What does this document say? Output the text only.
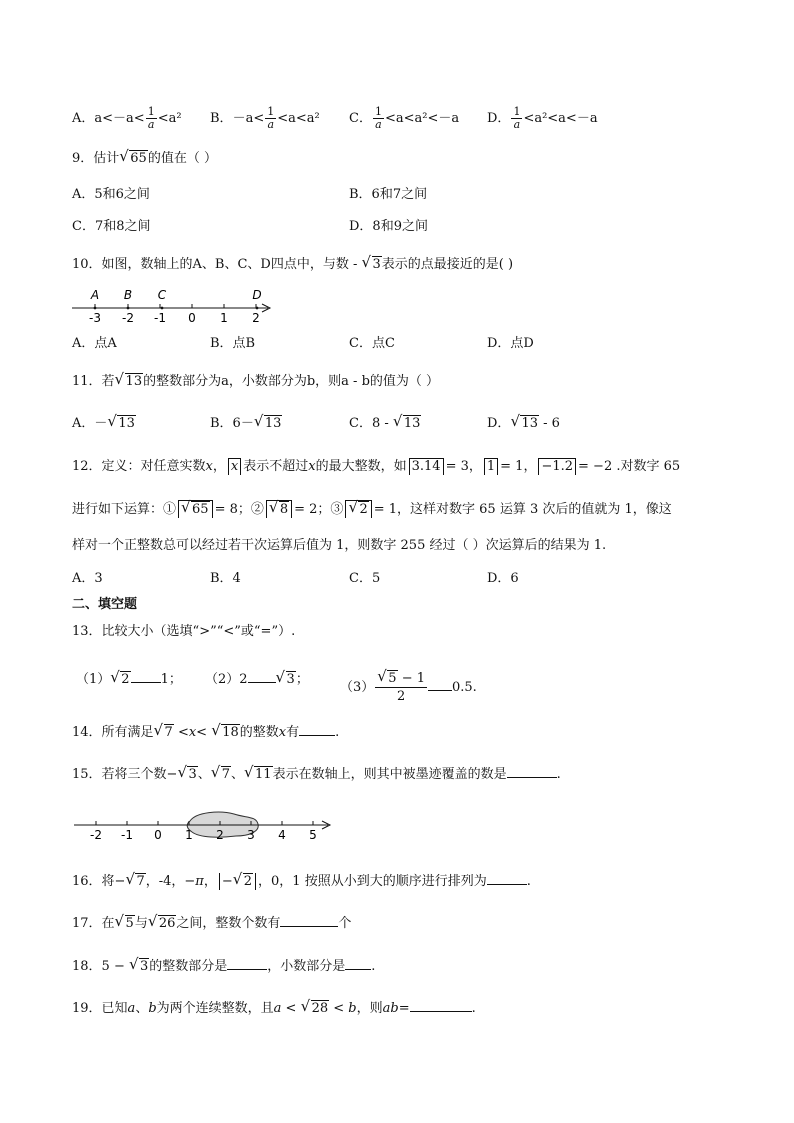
A．$a<-a< \frac{1}{a} <a^2$ B．$-a< \frac{1}{a} <a<a^2$ C． $\frac{1}{a} <a<a^2<-a$ D． $\frac{1}{a} <a^2<a<-a$
9．估计 √ 65的值在（ ）
A．5和6之间	B．6和7之间
C．7和8之间	D．8和9之间
10．如图，数轴上的A、B、C、D四点中，与数 - √ 3表示的点最接近的是( )
-3 -2 -1 0 1 2
A B C	D
A．点A	B．点B	C．点C	D．点D
11．若 √ 13的整数部分为a，小数部分为b，则a - b的值为（ ）
A．－ √ 13	B．6－ √ 13	C．8 - √ 13	D． √ 13 - 6
12．定义：对任意实数x， x 表示不超过x的最大整数，如 3.14 = 3， 1 = 1， −1.2 = −2 .对数字 65
进行如下运算：① √ 65 = 8；② √ 8 = 2；③ √ 2 = 1，这样对数字 65 运算 3 次后的值就为 1，像这
样对一个正整数总可以经过若干次运算后值为 1，则数字 255 经过（ ）次运算后的结果为 1.
A．3	B．4	C．5	D．6
二、填空题
13．比较大小（选填“>”“<”或“=”）.
（1） √ 2 1； （2）2	√ 3；
（3） √ $\frac{5 - 1}{2} 0.5$.
14．所有满足 √ 7 <x< √ 18的整数x有	.
15．若将三个数− √ 3、 √ 7、 √ 11表示在数轴上，则其中被墨迹覆盖的数是	.
-2 -1 0 1 2 3 4 5
16．将− √ 7，-4，−π， − √ 2 ，0，1 按照从小到大的顺序进行排列为	.
17．在 √ 5与 √ 26之间，整数个数有	个
18．5 − √ 3的整数部分是	，小数部分是 .
19．已知a、b为两个连续整数，且a < √ 28 < b，则ab=	.
